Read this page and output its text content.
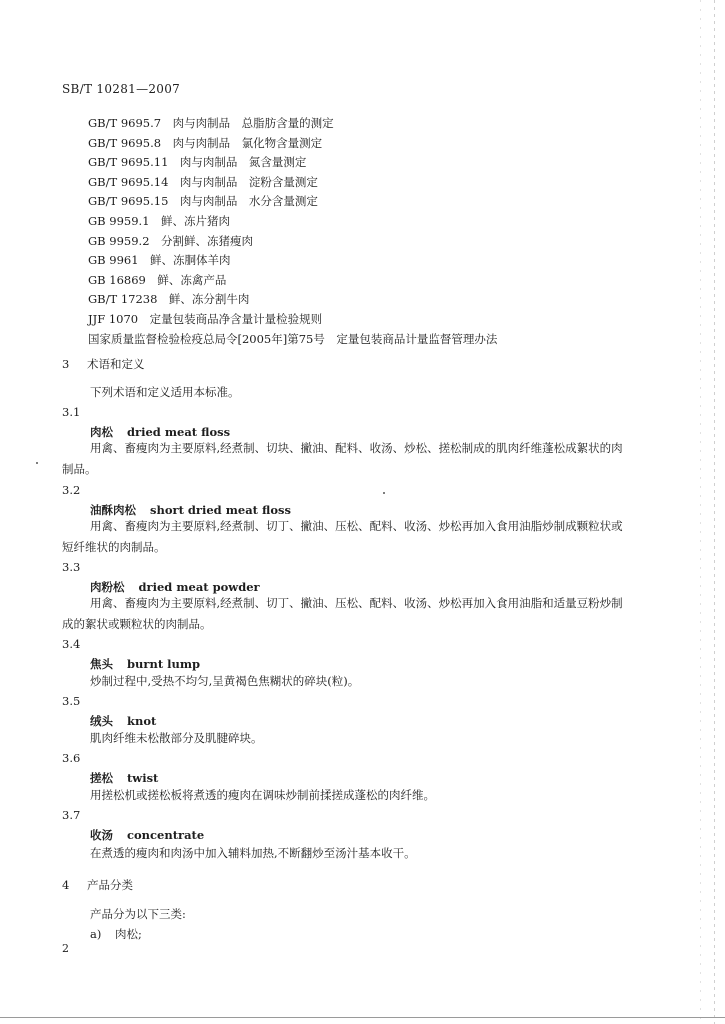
SB/T 10281—2007
GB/T 9695.7　肉与肉制品　总脂肪含量的测定
GB/T 9695.8　肉与肉制品　氯化物含量测定
GB/T 9695.11　肉与肉制品　氮含量测定
GB/T 9695.14　肉与肉制品　淀粉含量测定
GB/T 9695.15　肉与肉制品　水分含量测定
GB 9959.1　鲜、冻片猪肉
GB 9959.2　分割鲜、冻猪瘦肉
GB 9961　鲜、冻胴体羊肉
GB 16869　鲜、冻禽产品
GB/T 17238　鲜、冻分割牛肉
JJF 1070　定量包装商品净含量计量检验规则
国家质量监督检验检疫总局令[2005年]第75号　定量包装商品计量监督管理办法
3 术语和定义
下列术语和定义适用本标准。
3.1
肉松 dried meat floss
用禽、畜瘦肉为主要原料,经煮制、切块、撇油、配料、收汤、炒松、搓松制成的肌肉纤维蓬松成絮状的肉制品。
3.2
油酥肉松 short dried meat floss
用禽、畜瘦肉为主要原料,经煮制、切丁、撇油、压松、配料、收汤、炒松再加入食用油脂炒制成颗粒状或短纤维状的肉制品。
3.3
肉粉松 dried meat powder
用禽、畜瘦肉为主要原料,经煮制、切丁、撇油、压松、配料、收汤、炒松再加入食用油脂和适量豆粉炒制成的絮状或颗粒状的肉制品。
3.4
焦头 burnt lump
炒制过程中,受热不均匀,呈黄褐色焦糊状的碎块(粒)。
3.5
绒头 knot
肌肉纤维未松散部分及肌腱碎块。
3.6
搓松 twist
用搓松机或搓松板将煮透的瘦肉在调味炒制前揉搓成蓬松的肉纤维。
3.7
收汤 concentrate
在煮透的瘦肉和肉汤中加入辅料加热,不断翻炒至汤汁基本收干。
4 产品分类
产品分为以下三类:
a) 肉松;
2
